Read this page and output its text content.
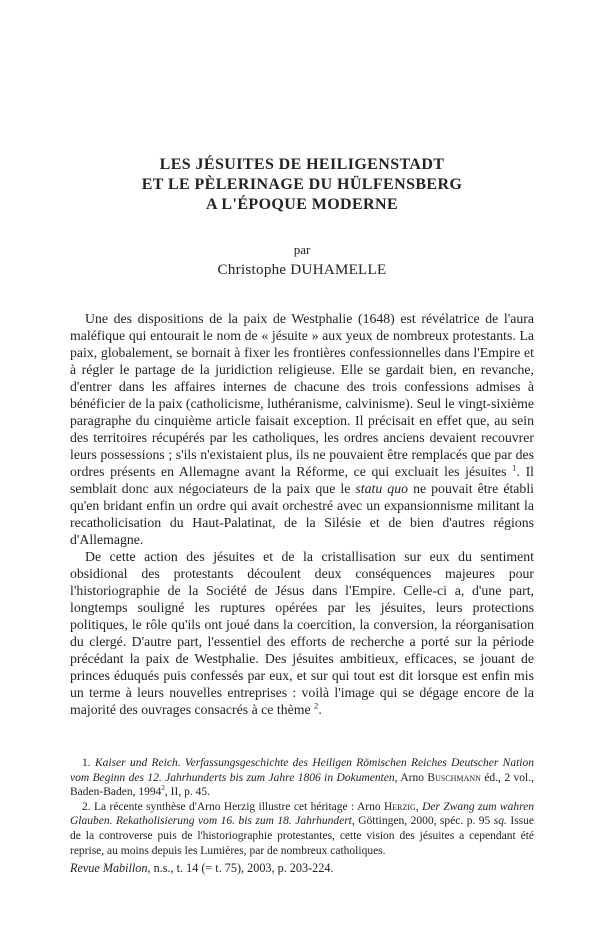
LES JÉSUITES DE HEILIGENSTADT
ET LE PÈLERINAGE DU HÜLFENSBERG
A L'ÉPOQUE MODERNE
par
Christophe DUHAMELLE

Une des dispositions de la paix de Westphalie (1648) est révélatrice de l'aura maléfique qui entourait le nom de « jésuite » aux yeux de nombreux protestants. La paix, globalement, se bornait à fixer les frontières confessionnelles dans l'Empire et à régler le partage de la juridiction religieuse. Elle se gardait bien, en revanche, d'entrer dans les affaires internes de chacune des trois confessions admises à bénéficier de la paix (catholicisme, luthéranisme, calvinisme). Seul le vingt-sixième paragraphe du cinquième article faisait exception. Il précisait en effet que, au sein des territoires récupérés par les catholiques, les ordres anciens devaient recouvrer leurs possessions ; s'ils n'existaient plus, ils ne pouvaient être remplacés que par des ordres présents en Allemagne avant la Réforme, ce qui excluait les jésuites $^1$. Il semblait donc aux négociateurs de la paix que le statu quo ne pouvait être établi qu'en bridant enfin un ordre qui avait orchestré avec un expansionnisme militant la recatholicisation du Haut-Palatinat, de la Silésie et de bien d'autres régions d'Allemagne.

De cette action des jésuites et de la cristallisation sur eux du sentiment obsidional des protestants découlent deux conséquences majeures pour l'historiographie de la Société de Jésus dans l'Empire. Celle-ci a, d'une part, longtemps souligné les ruptures opérées par les jésuites, leurs protections politiques, le rôle qu'ils ont joué dans la coercition, la conversion, la réorganisation du clergé. D'autre part, l'essentiel des efforts de recherche a porté sur la période précédant la paix de Westphalie. Des jésuites ambitieux, efficaces, se jouant de princes éduqués puis confessés par eux, et sur qui tout est dit lorsque est enfin mis un terme à leurs nouvelles entreprises : voilà l'image qui se dégage encore de la majorité des ouvrages consacrés à ce thème $^2$.

1. Kaiser und Reich. Verfassungsgeschichte des Heiligen Römischen Reiches Deutscher Nation vom Beginn des 12. Jahrhunderts bis zum Jahre 1806 in Dokumenten, Arno Buschmann éd., 2 vol., Baden-Baden, 1994$^2$, II, p. 45.

2. La récente synthèse d'Arno Herzig illustre cet héritage : Arno Herzig, Der Zwang zum wahren Glauben. Rekatholisierung vom 16. bis zum 18. Jahrhundert, Göttingen, 2000, spéc. p. 95 sq. Issue de la controverse puis de l'historiographie protestantes, cette vision des jésuites a cependant été reprise, au moins depuis les Lumières, par de nombreux catholiques.

Revue Mabillon, n.s., t. 14 (= t. 75), 2003, p. 203-224.
